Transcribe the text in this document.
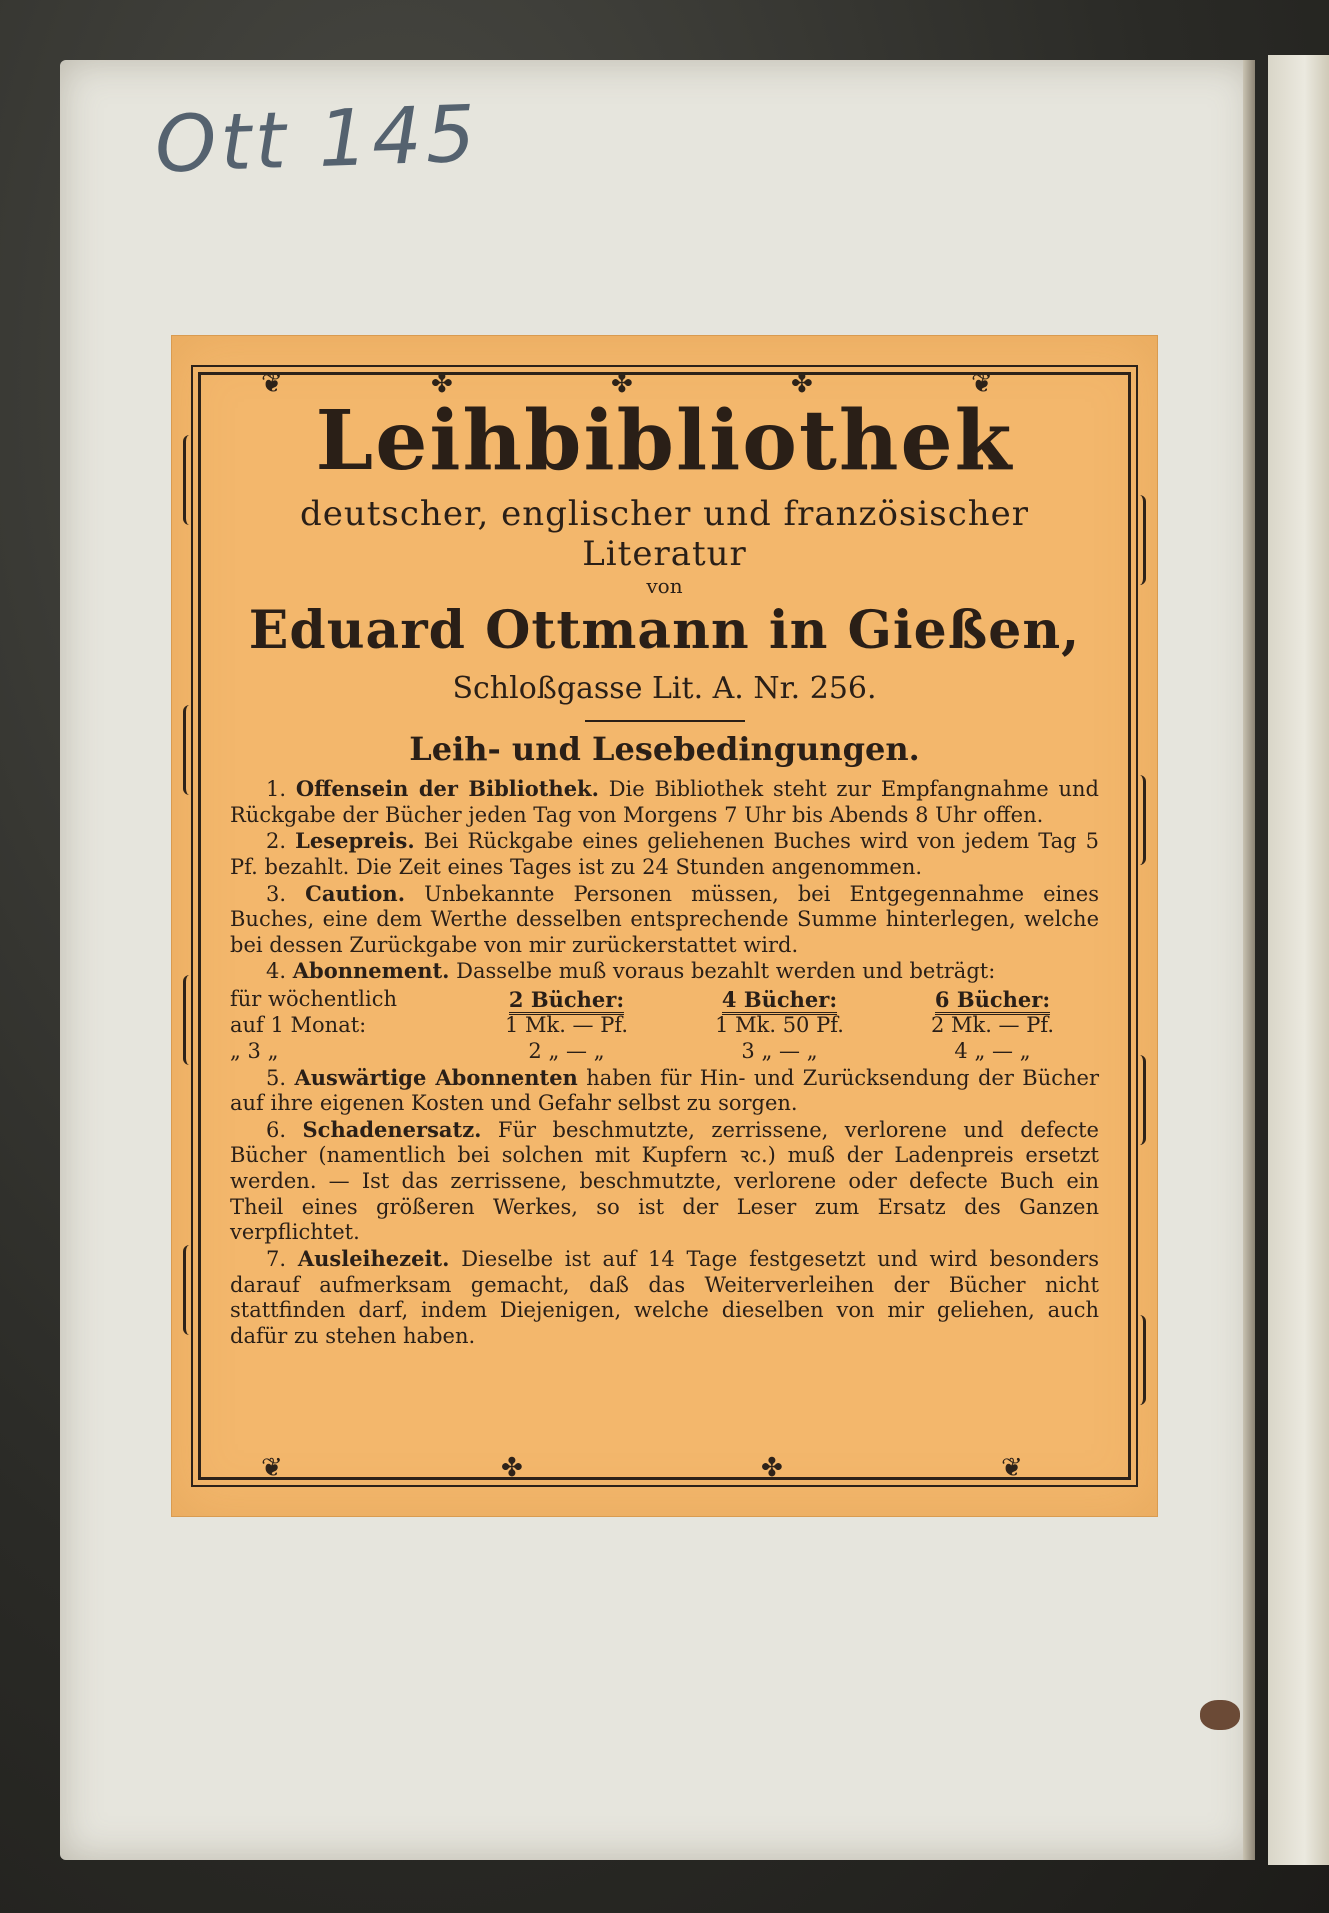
Ott 145
❦	✤	✤	✤	❦
❦	✤	✤	❦
Leihbibliothek
deutscher, englischer und französischer Literatur
von
Eduard Ottmann in Gießen,
Schloßgasse Lit. A. Nr. 256.
Leih- und Lesebedingungen.

1. Offensein der Bibliothek. Die Bibliothek steht zur Empfangnahme und Rückgabe der Bücher jeden Tag von Morgens 7 Uhr bis Abends 8 Uhr offen.

2. Lesepreis. Bei Rückgabe eines geliehenen Buches wird von jedem Tag 5 Pf. bezahlt. Die Zeit eines Tages ist zu 24 Stunden angenommen.

3. Caution. Unbekannte Personen müssen, bei Entgegennahme eines Buches, eine dem Werthe desselben entsprechende Summe hinterlegen, welche bei dessen Zurückgabe von mir zurückerstattet wird.

4. Abonnement. Dasselbe muß voraus bezahlt werden und beträgt:

für wöchentlich	2 Bücher:	4 Bücher:	6 Bücher:
auf 1 Monat:	1 Mk. — Pf.	1 Mk. 50 Pf.	2 Mk. — Pf.
„ 3 „	2 „ — „	3 „ — „	4 „ — „

5. Auswärtige Abonnenten haben für Hin- und Zurücksendung der Bücher auf ihre eigenen Kosten und Gefahr selbst zu sorgen.

6. Schadenersatz. Für beschmutzte, zerrissene, verlorene und defecte Bücher (namentlich bei solchen mit Kupfern ꝛc.) muß der Ladenpreis ersetzt werden. — Ist das zerrissene, beschmutzte, verlorene oder defecte Buch ein Theil eines größeren Werkes, so ist der Leser zum Ersatz des Ganzen verpflichtet.

7. Ausleihezeit. Dieselbe ist auf 14 Tage festgesetzt und wird besonders darauf aufmerksam gemacht, daß das Weiterverleihen der Bücher nicht stattfinden darf, indem Diejenigen, welche dieselben von mir geliehen, auch dafür zu stehen haben.
